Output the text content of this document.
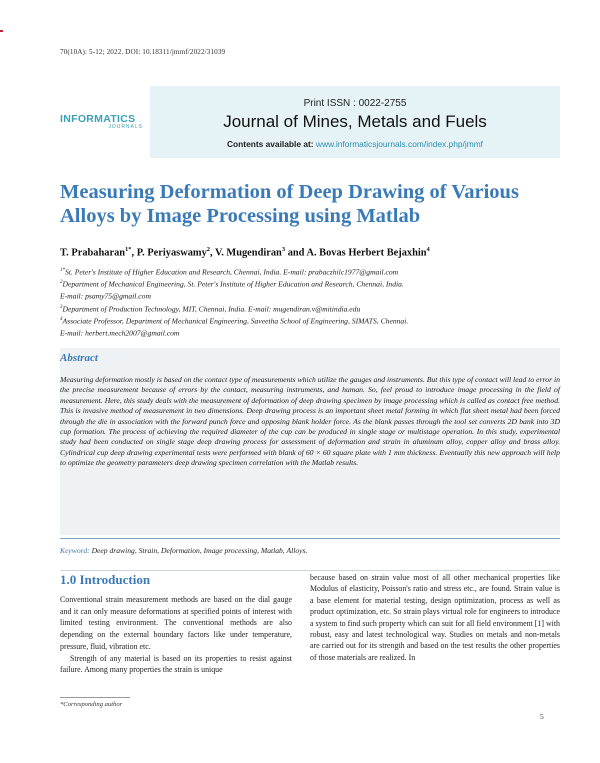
70(10A): 5-12; 2022. DOI: 10.18311/jmmf/2022/31039
INFORMATICS
JOURNALS
Print ISSN : 0022-2755
Journal of Mines, Metals and Fuels
Contents available at: www.informaticsjournals.com/index.php/jmmf
Measuring Deformation of Deep Drawing of Various Alloys by Image Processing using Matlab
T. Prabaharan$^{1*}$, P. Periyaswamy$^2$, V. Mugendiran$^3$ and A. Bovas Herbert Bejaxhin$^4$
$^{1*}$St. Peter's Institute of Higher Education and Research, Chennai, India. E-mail: prabaczhilc1977@gmail.com
$^2$Department of Mechanical Engineering, St. Peter's Institute of Higher Education and Research, Chennai, India.
E-mail: psamy75@gmail.com
$^3$Department of Production Technology, MIT, Chennai, India. E-mail: mugendiran.v@mitindia.edu
$^4$Associate Professor, Department of Mechanical Engineering, Saveetha School of Engineering, SIMATS, Chennai.
E-mail: herbert.mech2007@gmail.com
Abstract
Measuring deformation mostly is based on the contact type of measurements which utilize the gauges and instruments. But this type of contact will lead to error in the precise measurement because of errors by the contact, measuring instruments, and human. So, feel proud to introduce image processing in the field of measurement. Here, this study deals with the measurement of deformation of deep drawing specimen by image processing which is called as contact free method. This is invasive method of measurement in two dimensions. Deep drawing process is an important sheet metal forming in which flat sheet metal had been forced through the die in association with the forward punch force and opposing blank holder force. As the blank passes through the tool set converts 2D bank into 3D cup formation. The process of achieving the required diameter of the cup can be produced in single stage or multistage operation. In this study, experimental study had been conducted on single stage deep drawing process for assessment of deformation and strain in aluminum alloy, copper alloy and brass alloy. Cylindrical cup deep drawing experimental tests were performed with blank of 60 × 60 square plate with 1 mm thickness. Eventually this new approach will help to optimize the geometry parameters deep drawing specimen correlation with the Matlab results.
Keyword: Deep drawing, Strain, Deformation, Image processing, Matlab, Alloys.
1.0 Introduction

Conventional strain measurement methods are based on the dial gauge and it can only measure deformations at specified points of interest with limited testing environment. The conventional methods are also depending on the external boundary factors like under temperature, pressure, fluid, vibration etc.

Strength of any material is based on its properties to resist against failure. Among many properties the strain is unique

because based on strain value most of all other mechanical properties like Modulus of elasticity, Poisson's ratio and stress etc., are found. Strain value is a base element for material testing, design optimization, process as well as product optimization, etc. So strain plays virtual role for engineers to introduce a system to find such property which can suit for all field environment [1] with robust, easy and latest technological way. Studies on metals and non-metals are carried out for its strength and based on the test results the other properties of those materials are realized. In
*Corresponding author
5
